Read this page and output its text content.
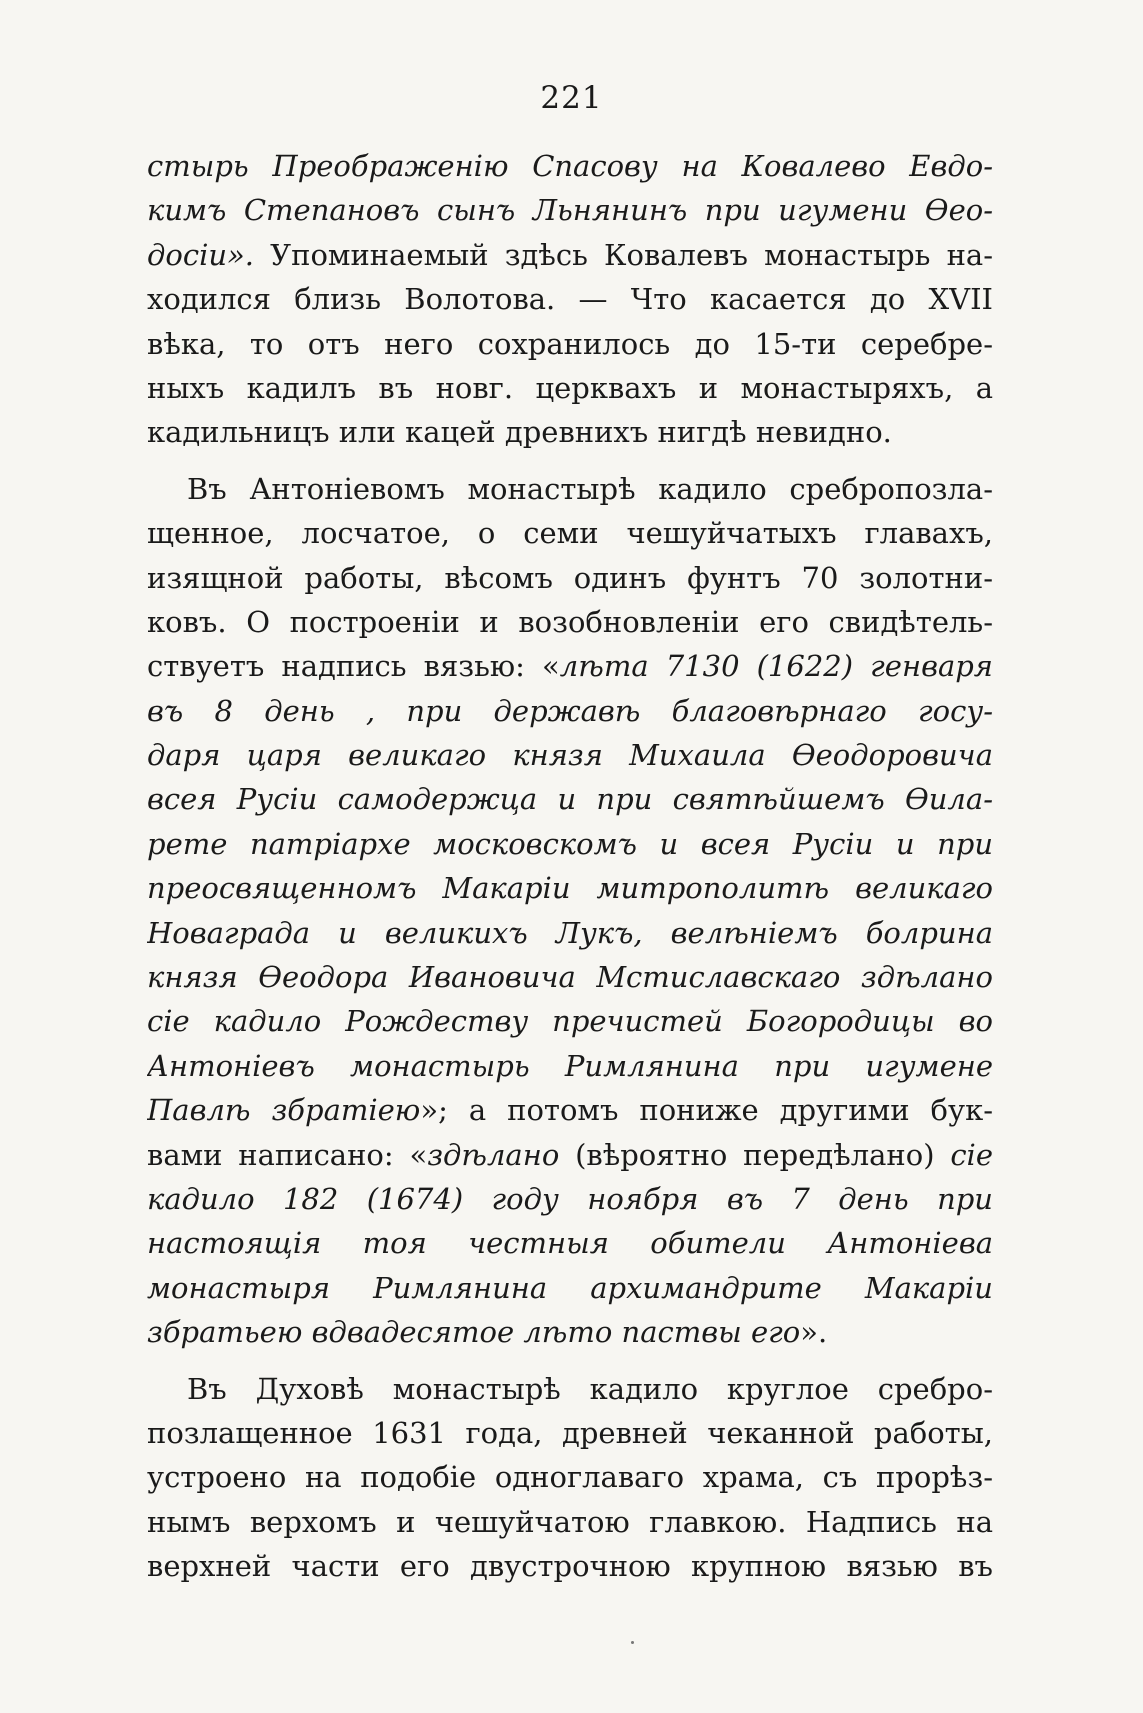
221
стырь Преображенію Спасову на Ковалево Евдо-
кимъ Степановъ сынъ Льнянинъ при игумени Ѳео-
досіи». Упоминаемый здѣсь Ковалевъ монастырь на-
ходился близь Волотова. — Что касается до XVII
вѣка, то отъ него сохранилось до 15-ти серебре-
ныхъ кадилъ въ новг. церквахъ и монастыряхъ, а
кадильницъ или кацей древнихъ нигдѣ невидно.
Въ Антоніевомъ монастырѣ кадило сребропозла-
щенное, лосчатое, о семи чешуйчатыхъ главахъ,
изящной работы, вѣсомъ одинъ фунтъ 70 золотни-
ковъ. О построеніи и возобновленіи его свидѣтель-
ствуетъ надпись вязью: «лѣта 7130 (1622) генваря
въ 8 день , при державѣ благовѣрнаго госу-
даря царя великаго князя Михаила Ѳеодоровича
всея Русіи самодержца и при святѣйшемъ Ѳила-
рете патріархе московскомъ и всея Русіи и при
преосвященномъ Макаріи митрополитѣ великаго
Новаграда и великихъ Лукъ, велѣніемъ болрина
князя Ѳеодора Ивановича Мстиславскаго здѣлано
сіе кадило Рождеству пречистей Богородицы во
Антоніевъ монастырь Римлянина при игумене
Павлѣ збратіею»; а потомъ пониже другими бук-
вами написано: «здѣлано (вѣроятно передѣлано) сіе
кадило 182 (1674) году ноября въ 7 день при
настоящія тоя честныя обители Антоніева
монастыря Римлянина архимандрите Макаріи
збратьею вдвадесятое лѣто паствы его».
Въ Духовѣ монастырѣ кадило круглое сребро-
позлащенное 1631 года, древней чеканной работы,
устроено на подобіе одноглаваго храма, съ прорѣз-
нымъ верхомъ и чешуйчатою главкою. Надпись на
верхней части его двустрочною крупною вязью въ
